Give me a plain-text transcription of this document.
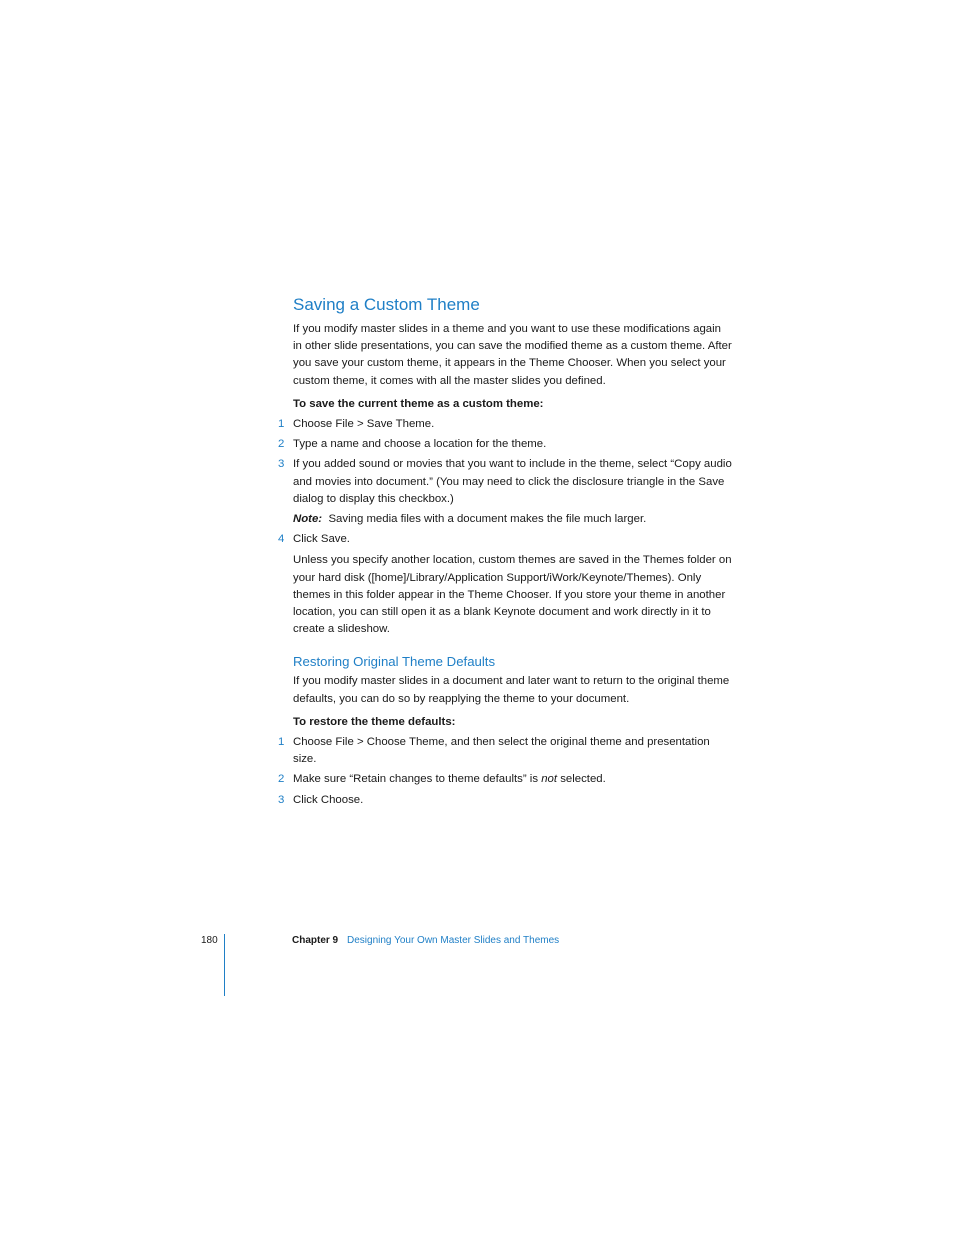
Saving a Custom Theme

If you modify master slides in a theme and you want to use these modifications again in other slide presentations, you can save the modified theme as a custom theme. After you save your custom theme, it appears in the Theme Chooser. When you select your custom theme, it comes with all the master slides you defined.

To save the current theme as a custom theme:

1 Choose File > Save Theme.
2 Type a name and choose a location for the theme.
3 If you added sound or movies that you want to include in the theme, select “Copy audio and movies into document.” (You may need to click the disclosure triangle in the Save dialog to display this checkbox.)

Note: Saving media files with a document makes the file much larger.

4 Click Save.

Unless you specify another location, custom themes are saved in the Themes folder on your hard disk ([home]/Library/Application Support/iWork/Keynote/Themes). Only themes in this folder appear in the Theme Chooser. If you store your theme in another location, you can still open it as a blank Keynote document and work directly in it to create a slideshow.

Restoring Original Theme Defaults

If you modify master slides in a document and later want to return to the original theme defaults, you can do so by reapplying the theme to your document.

To restore the theme defaults:

1 Choose File > Choose Theme, and then select the original theme and presentation size.
2 Make sure “Retain changes to theme defaults” is not selected.
3 Click Choose.
180	Chapter 9 Designing Your Own Master Slides and Themes
